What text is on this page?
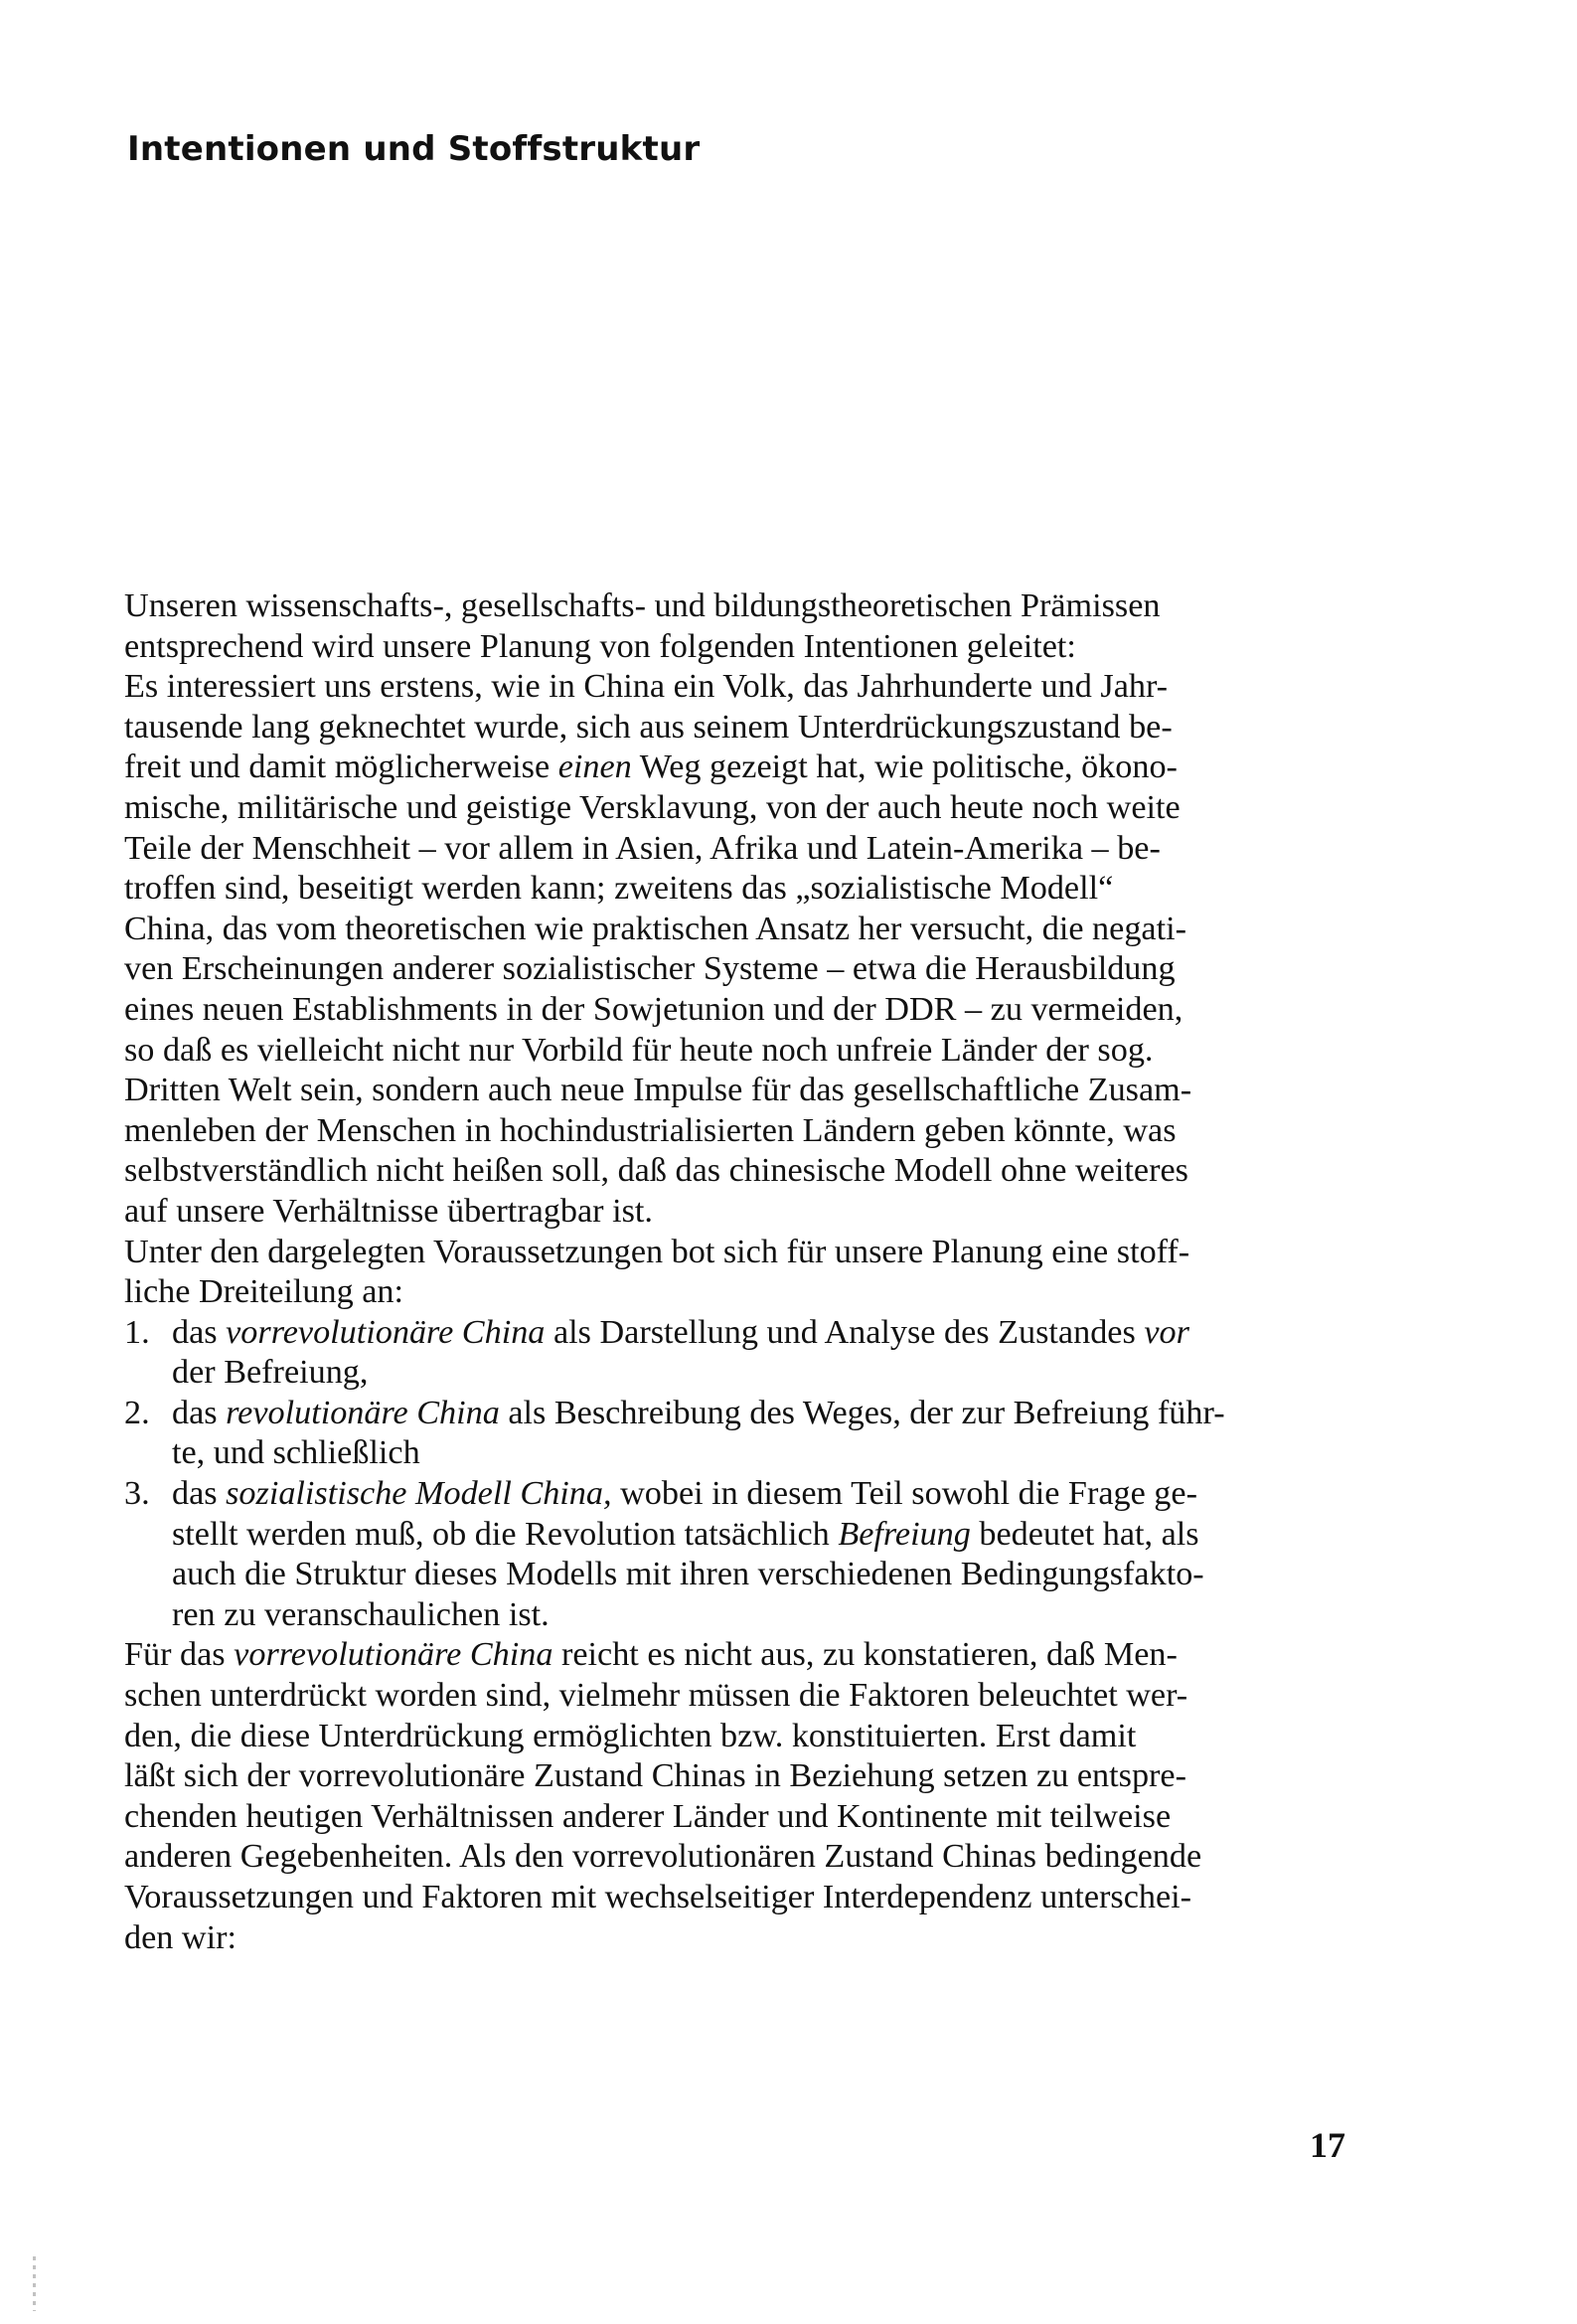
Intentionen und Stoffstruktur
Unseren wissenschafts-, gesellschafts- und bildungstheoretischen Prämissen
entsprechend wird unsere Planung von folgenden Intentionen geleitet:
Es interessiert uns erstens, wie in China ein Volk, das Jahrhunderte und Jahr-
tausende lang geknechtet wurde, sich aus seinem Unterdrückungszustand be-
freit und damit möglicherweise einen Weg gezeigt hat, wie politische, ökono-
mische, militärische und geistige Versklavung, von der auch heute noch weite
Teile der Menschheit – vor allem in Asien, Afrika und Latein-Amerika – be-
troffen sind, beseitigt werden kann; zweitens das „sozialistische Modell“
China, das vom theoretischen wie praktischen Ansatz her versucht, die negati-
ven Erscheinungen anderer sozialistischer Systeme – etwa die Herausbildung
eines neuen Establishments in der Sowjetunion und der DDR – zu vermeiden,
so daß es vielleicht nicht nur Vorbild für heute noch unfreie Länder der sog.
Dritten Welt sein, sondern auch neue Impulse für das gesellschaftliche Zusam-
menleben der Menschen in hochindustrialisierten Ländern geben könnte, was
selbstverständlich nicht heißen soll, daß das chinesische Modell ohne weiteres
auf unsere Verhältnisse übertragbar ist.
Unter den dargelegten Voraussetzungen bot sich für unsere Planung eine stoff-
liche Dreiteilung an:
1. das vorrevolutionäre China als Darstellung und Analyse des Zustandes vor
der Befreiung,
2. das revolutionäre China als Beschreibung des Weges, der zur Befreiung führ-
te, und schließlich
3. das sozialistische Modell China, wobei in diesem Teil sowohl die Frage ge-
stellt werden muß, ob die Revolution tatsächlich Befreiung bedeutet hat, als
auch die Struktur dieses Modells mit ihren verschiedenen Bedingungsfakto-
ren zu veranschaulichen ist.
Für das vorrevolutionäre China reicht es nicht aus, zu konstatieren, daß Men-
schen unterdrückt worden sind, vielmehr müssen die Faktoren beleuchtet wer-
den, die diese Unterdrückung ermöglichten bzw. konstituierten. Erst damit
läßt sich der vorrevolutionäre Zustand Chinas in Beziehung setzen zu entspre-
chenden heutigen Verhältnissen anderer Länder und Kontinente mit teilweise
anderen Gegebenheiten. Als den vorrevolutionären Zustand Chinas bedingende
Voraussetzungen und Faktoren mit wechselseitiger Interdependenz unterschei-
den wir:
17
